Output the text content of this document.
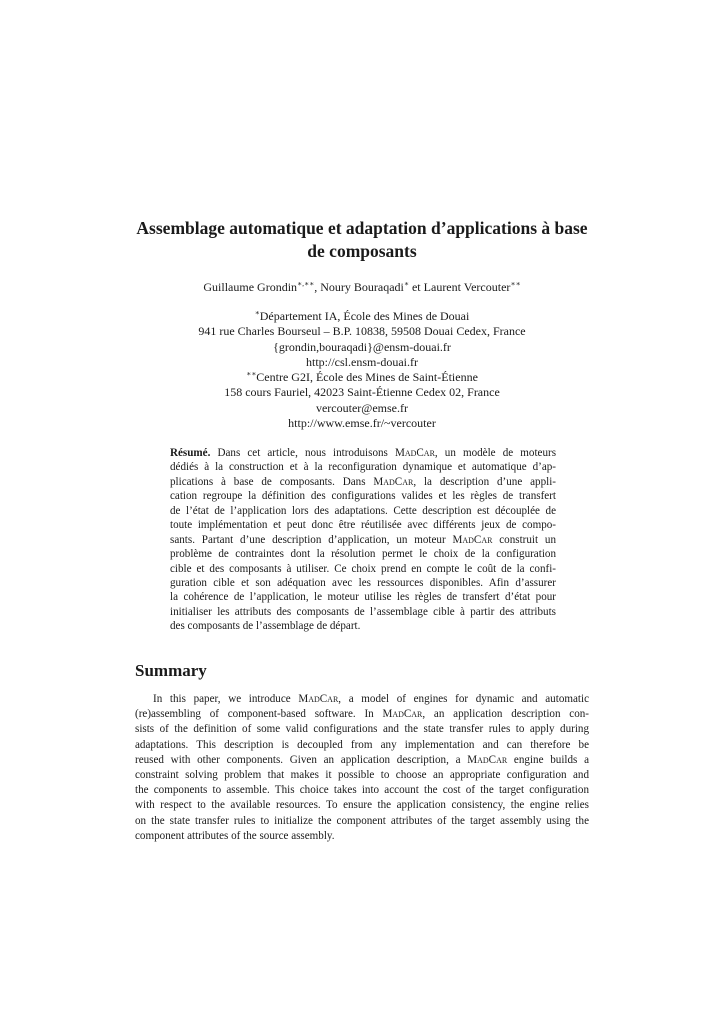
Assemblage automatique et adaptation d’applications à base
de composants
Guillaume Grondin∗,∗∗, Noury Bouraqadi∗ et Laurent Vercouter∗∗
∗Département IA, École des Mines de Douai
941 rue Charles Bourseul – B.P. 10838, 59508 Douai Cedex, France
{grondin,bouraqadi}@ensm-douai.fr
http://csl.ensm-douai.fr
∗∗Centre G2I, École des Mines de Saint-Étienne
158 cours Fauriel, 42023 Saint-Étienne Cedex 02, France
vercouter@emse.fr
http://www.emse.fr/~vercouter
Résumé. Dans cet article, nous introduisons MadCar, un modèle de moteurs
dédiés à la construction et à la reconfiguration dynamique et automatique d’ap-
plications à base de composants. Dans MadCar, la description d’une appli-
cation regroupe la définition des configurations valides et les règles de transfert
de l’état de l’application lors des adaptations. Cette description est découplée de
toute implémentation et peut donc être réutilisée avec différents jeux de compo-
sants. Partant d’une description d’application, un moteur MadCar construit un
problème de contraintes dont la résolution permet le choix de la configuration
cible et des composants à utiliser. Ce choix prend en compte le coût de la confi-
guration cible et son adéquation avec les ressources disponibles. Afin d’assurer
la cohérence de l’application, le moteur utilise les règles de transfert d’état pour
initialiser les attributs des composants de l’assemblage cible à partir des attributs
des composants de l’assemblage de départ.
Summary
In this paper, we introduce MadCar, a model of engines for dynamic and automatic
(re)assembling of component-based software. In MadCar, an application description con-
sists of the definition of some valid configurations and the state transfer rules to apply during
adaptations. This description is decoupled from any implementation and can therefore be
reused with other components. Given an application description, a MadCar engine builds a
constraint solving problem that makes it possible to choose an appropriate configuration and
the components to assemble. This choice takes into account the cost of the target configuration
with respect to the available resources. To ensure the application consistency, the engine relies
on the state transfer rules to initialize the component attributes of the target assembly using the
component attributes of the source assembly.
